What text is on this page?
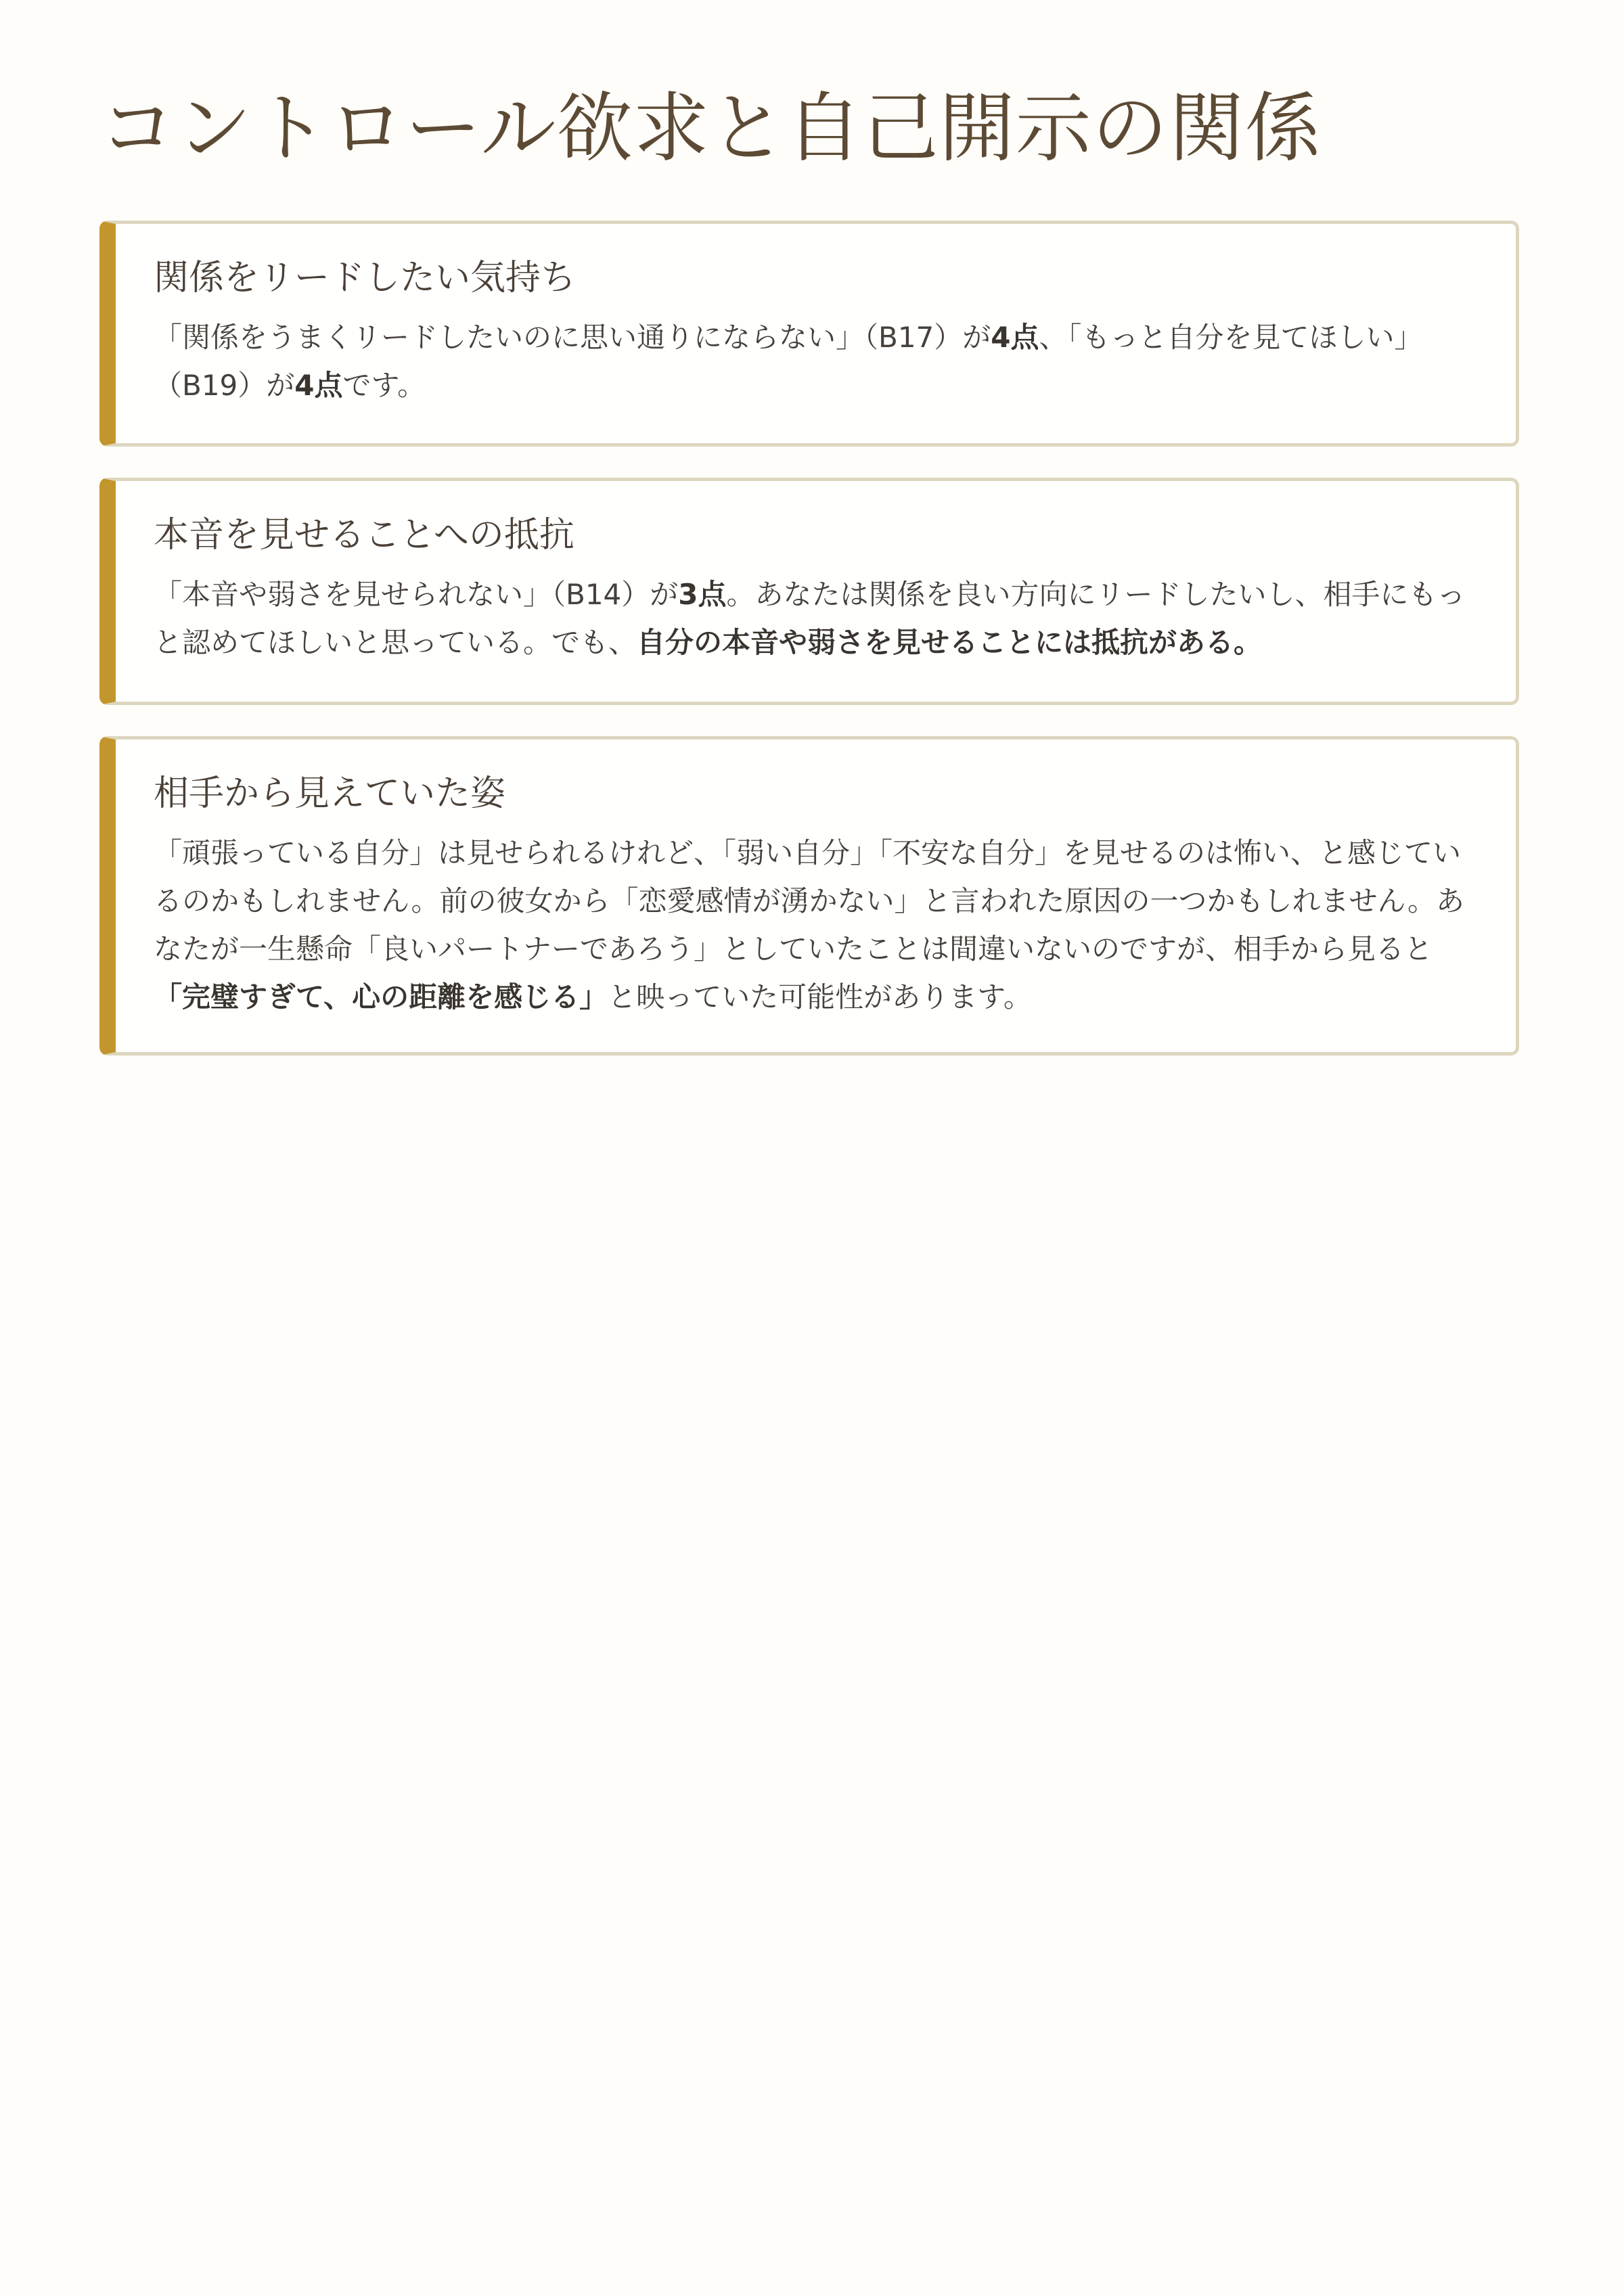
コントロール欲求と自己開示の関係
関係をリードしたい気持ち

「関係をうまくリードしたいのに思い通りにならない」（B17）が4点、「もっと自分を見てほしい」（B19）が4点です。

本音を見せることへの抵抗

「本音や弱さを見せられない」（B14）が3点。あなたは関係を良い方向にリードしたいし、相手にもっと認めてほしいと思っている。でも、自分の本音や弱さを見せることには抵抗がある。

相手から見えていた姿

「頑張っている自分」は見せられるけれど、「弱い自分」「不安な自分」を見せるのは怖い、と感じているのかもしれません。前の彼女から「恋愛感情が湧かない」と言われた原因の一つかもしれません。あなたが一生懸命「良いパートナーであろう」としていたことは間違いないのですが、相手から見ると「完璧すぎて、心の距離を感じる」と映っていた可能性があります。
